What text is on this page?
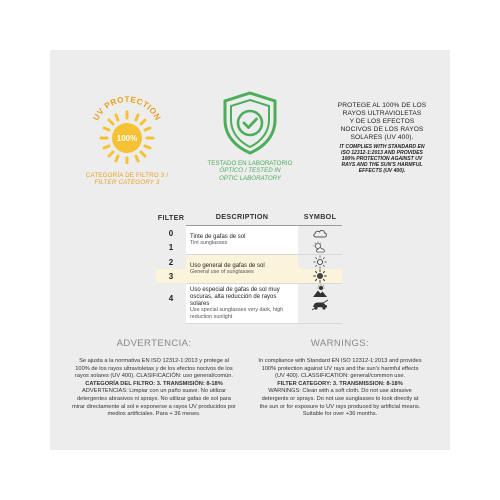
UV PROTECTION
100%
CATEGORÍA DE FILTRO 3 /
FILTER CATEGORY 3
TESTADO EN LABORATORIO
ÓPTICO / TESTED IN
OPTIC LABORATORY
PROTEGE AL 100% DE LOS
RAYOS ULTRAVIOLETAS
Y DE LOS EFECTOS
NOCIVOS DE LOS RAYOS
SOLARES (UV 400).
IT COMPLIES WITH STANDARD EN
ISO 12312-1:2013 AND PROVIDES
100% PROTECTION AGAINST UV
RAYS AND THE SUN'S HARMFUL
EFFECTS (UV 400).
FILTER	DESCRIPTION	SYMBOL
0
1
Tinte de gafas de sol
Tint sunglasses
2
3
Uso general de gafas de sol
General use of sunglasses
4
Uso especial de gafas de sol muy oscuras, alta reducción de rayos solares
Use special sunglasses very dark, high reduction sunlight
ADVERTENCIA:
Se ajusta a la normativa EN ISO 12312-1:2013 y protege al
100% de los rayos ultravioletas y de los efectos nocivos de los
rayos solares (UV 400). CLASIFICACIÓN: uso general/común.
CATEGORÍA DEL FILTRO: 3. TRANSMISIÓN: 8-18%
ADVERTENCIAS: Limpiar con un paño suave. No utilizar
detergentes abrasivos ni sprays. No utilizar gafas de sol para
mirar directamente al sol e exponerse a rayos UV producidos por
medios artificiales. Para + 36 meses.
WARNINGS:
In compliance with Standard EN ISO 12312-1:2013 and provides
100% protection against UV rays and the sun's harmful effects
(UV 400). CLASSIFICATION: general/common use.
FILTER CATEGORY: 3. TRANSMISSION: 8-18%
WARNINGS: Clean with a soft cloth. Do not use abrasive
detergents or sprays. Do not use sunglasses to look directly at
the sun or for exposure to UV rays produced by artificial means.
Suitable for over +36 months.
